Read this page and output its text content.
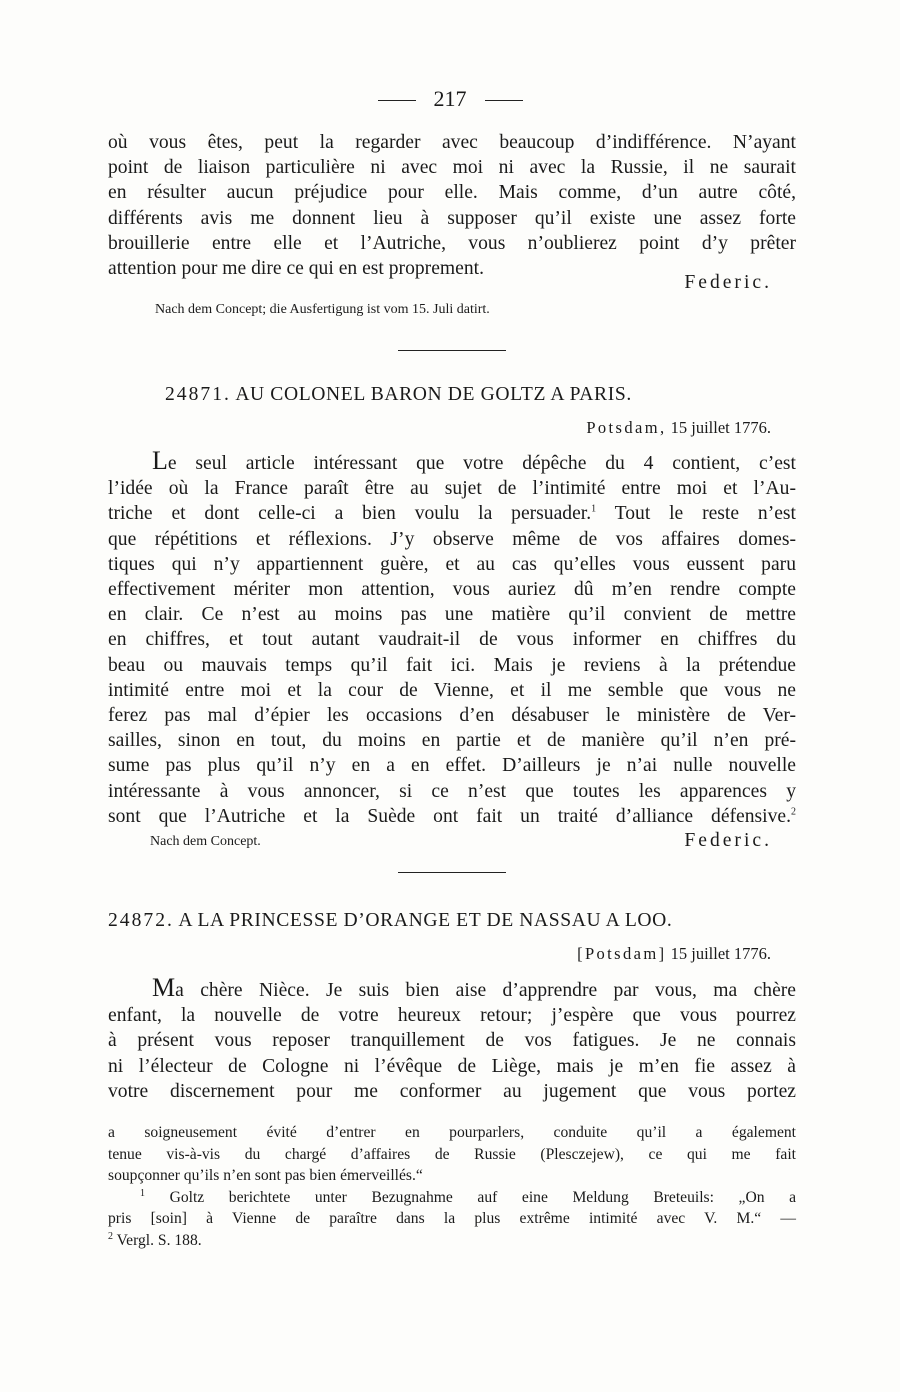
217
où vous êtes, peut la regarder avec beaucoup d’indifférence. N’ayant
point de liaison particulière ni avec moi ni avec la Russie, il ne saurait
en résulter aucun préjudice pour elle. Mais comme, d’un autre côté,
différents avis me donnent lieu à supposer qu’il existe une assez forte
brouillerie entre elle et l’Autriche, vous n’oublierez point d’y prêter
attention pour me dire ce qui en est proprement.
Federic.
Nach dem Concept; die Ausfertigung ist vom 15. Juli datirt.
24871. AU COLONEL BARON DE GOLTZ A PARIS.
Potsdam, 15 juillet 1776.
Le seul article intéressant que votre dépêche du 4 contient, c’est
l’idée où la France paraît être au sujet de l’intimité entre moi et l’Au-
triche et dont celle-ci a bien voulu la persuader.$^1$ Tout le reste n’est
que répétitions et réflexions. J’y observe même de vos affaires domes-
tiques qui n’y appartiennent guère, et au cas qu’elles vous eussent paru
effectivement mériter mon attention, vous auriez dû m’en rendre compte
en clair. Ce n’est au moins pas une matière qu’il convient de mettre
en chiffres, et tout autant vaudrait-il de vous informer en chiffres du
beau ou mauvais temps qu’il fait ici. Mais je reviens à la prétendue
intimité entre moi et la cour de Vienne, et il me semble que vous ne
ferez pas mal d’épier les occasions d’en désabuser le ministère de Ver-
sailles, sinon en tout, du moins en partie et de manière qu’il n’en pré-
sume pas plus qu’il n’y en a en effet. D’ailleurs je n’ai nulle nouvelle
intéressante à vous annoncer, si ce n’est que toutes les apparences y
sont que l’Autriche et la Suède ont fait un traité d’alliance défensive.$^2$
Nach dem Concept.	Federic.
24872. A LA PRINCESSE D’ORANGE ET DE NASSAU A LOO.
[Potsdam] 15 juillet 1776.
Ma chère Nièce. Je suis bien aise d’apprendre par vous, ma chère
enfant, la nouvelle de votre heureux retour; j’espère que vous pourrez
à présent vous reposer tranquillement de vos fatigues. Je ne connais
ni l’électeur de Cologne ni l’évêque de Liège, mais je m’en fie assez à
votre discernement pour me conformer au jugement que vous portez
a soigneusement évité d’entrer en pourparlers, conduite qu’il a également
tenue vis-à-vis du chargé d’affaires de Russie (Plesczejew), ce qui me fait
soupçonner qu’ils n’en sont pas bien émerveillés.“
$^1$ Goltz berichtete unter Bezugnahme auf eine Meldung Breteuils: „On a
pris [soin] à Vienne de paraître dans la plus extrême intimité avec V. M.“ —
$^2$ Vergl. S. 188.
